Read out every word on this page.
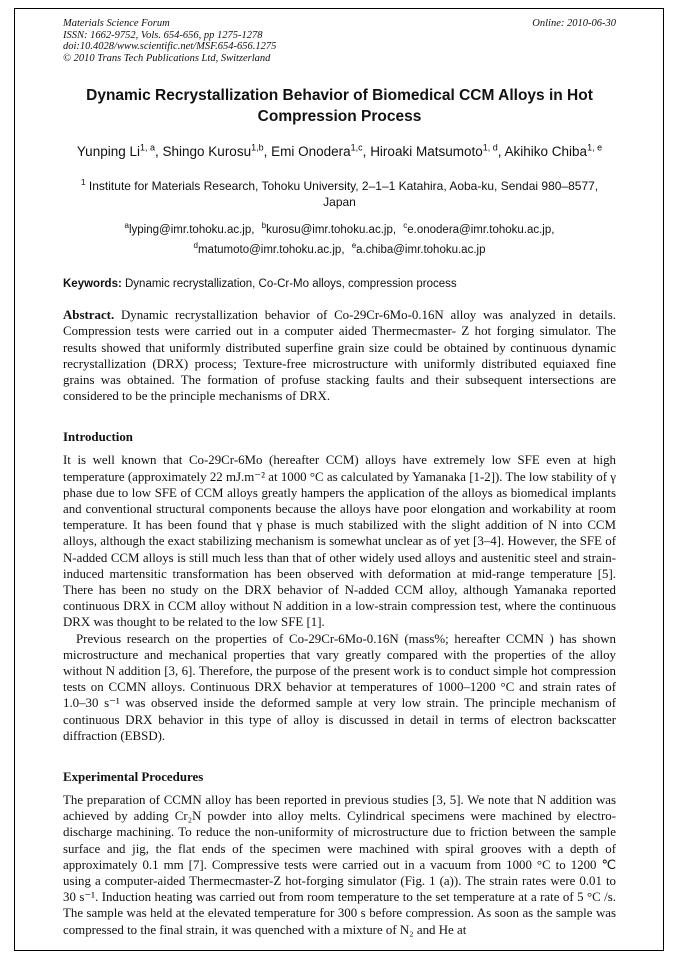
Materials Science Forum
ISSN: 1662-9752, Vols. 654-656, pp 1275-1278
doi:10.4028/www.scientific.net/MSF.654-656.1275
© 2010 Trans Tech Publications Ltd, Switzerland
Online: 2010-06-30
Dynamic Recrystallization Behavior of Biomedical CCM Alloys in Hot Compression Process

Yunping Li$^{1, a}$, Shingo Kurosu$^{1,b}$, Emi Onodera$^{1,c}$, Hiroaki Matsumoto$^{1, d}$, Akihiko Chiba$^{1, e}$

$^1$ Institute for Materials Research, Tohoku University, 2–1–1 Katahira, Aoba-ku, Sendai 980–8577, Japan

$^a$lyping@imr.tohoku.ac.jp, $^b$kurosu@imr.tohoku.ac.jp, $^c$e.onodera@imr.tohoku.ac.jp, $^d$matumoto@imr.tohoku.ac.jp, $^e$a.chiba@imr.tohoku.ac.jp

Keywords: Dynamic recrystallization, Co-Cr-Mo alloys, compression process

Abstract. Dynamic recrystallization behavior of Co-29Cr-6Mo-0.16N alloy was analyzed in details. Compression tests were carried out in a computer aided Thermecmaster- Z hot forging simulator. The results showed that uniformly distributed superfine grain size could be obtained by continuous dynamic recrystallization (DRX) process; Texture-free microstructure with uniformly distributed equiaxed fine grains was obtained. The formation of profuse stacking faults and their subsequent intersections are considered to be the principle mechanisms of DRX.

Introduction

It is well known that Co-29Cr-6Mo (hereafter CCM) alloys have extremely low SFE even at high temperature (approximately 22 mJ.m⁻² at 1000 °C as calculated by Yamanaka [1-2]). The low stability of γ phase due to low SFE of CCM alloys greatly hampers the application of the alloys as biomedical implants and conventional structural components because the alloys have poor elongation and workability at room temperature. It has been found that γ phase is much stabilized with the slight addition of N into CCM alloys, although the exact stabilizing mechanism is somewhat unclear as of yet [3–4]. However, the SFE of N-added CCM alloys is still much less than that of other widely used alloys and austenitic steel and strain-induced martensitic transformation has been observed with deformation at mid-range temperature [5]. There has been no study on the DRX behavior of N-added CCM alloy, although Yamanaka reported continuous DRX in CCM alloy without N addition in a low-strain compression test, where the continuous DRX was thought to be related to the low SFE [1].

Previous research on the properties of Co-29Cr-6Mo-0.16N (mass%; hereafter CCMN ) has shown microstructure and mechanical properties that vary greatly compared with the properties of the alloy without N addition [3, 6]. Therefore, the purpose of the present work is to conduct simple hot compression tests on CCMN alloys. Continuous DRX behavior at temperatures of 1000–1200 °C and strain rates of 1.0–30 s⁻¹ was observed inside the deformed sample at very low strain. The principle mechanism of continuous DRX behavior in this type of alloy is discussed in detail in terms of electron backscatter diffraction (EBSD).

Experimental Procedures

The preparation of CCMN alloy has been reported in previous studies [3, 5]. We note that N addition was achieved by adding Cr₂N powder into alloy melts. Cylindrical specimens were machined by electro-discharge machining. To reduce the non-uniformity of microstructure due to friction between the sample surface and jig, the flat ends of the specimen were machined with spiral grooves with a depth of approximately 0.1 mm [7]. Compressive tests were carried out in a vacuum from 1000 °C to 1200 ℃ using a computer-aided Thermecmaster-Z hot-forging simulator (Fig. 1 (a)). The strain rates were 0.01 to 30 s⁻¹. Induction heating was carried out from room temperature to the set temperature at a rate of 5 °C /s. The sample was held at the elevated temperature for 300 s before compression. As soon as the sample was compressed to the final strain, it was quenched with a mixture of N₂ and He at
